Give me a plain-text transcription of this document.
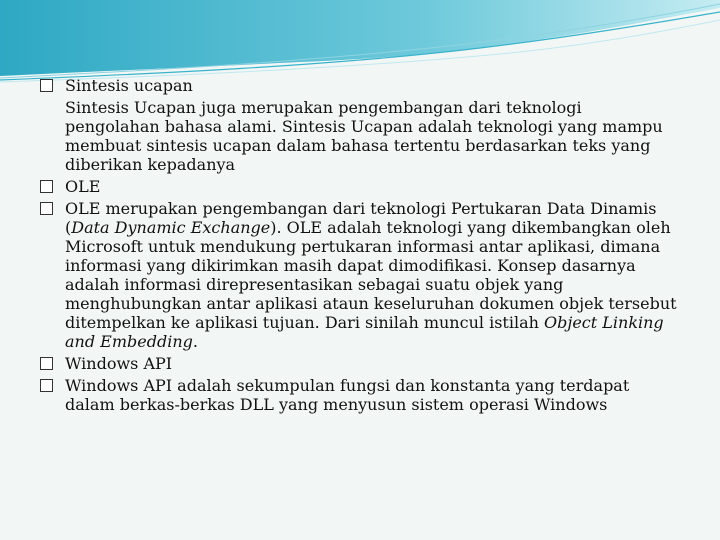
Sintesis ucapan
Sintesis Ucapan juga merupakan pengembangan dari teknologi pengolahan bahasa alami. Sintesis Ucapan adalah teknologi yang mampu membuat sintesis ucapan dalam bahasa tertentu berdasarkan teks yang diberikan kepadanya
OLE
OLE merupakan pengembangan dari teknologi Pertukaran Data Dinamis (Data Dynamic Exchange). OLE adalah teknologi yang dikembangkan oleh Microsoft untuk mendukung pertukaran informasi antar aplikasi, dimana informasi yang dikirimkan masih dapat dimodifikasi. Konsep dasarnya adalah informasi direpresentasikan sebagai suatu objek yang menghubungkan antar aplikasi ataun keseluruhan dokumen objek tersebut ditempelkan ke aplikasi tujuan. Dari sinilah muncul istilah Object Linking and Embedding.
Windows API
Windows API adalah sekumpulan fungsi dan konstanta yang terdapat dalam berkas-berkas DLL yang menyusun sistem operasi Windows
